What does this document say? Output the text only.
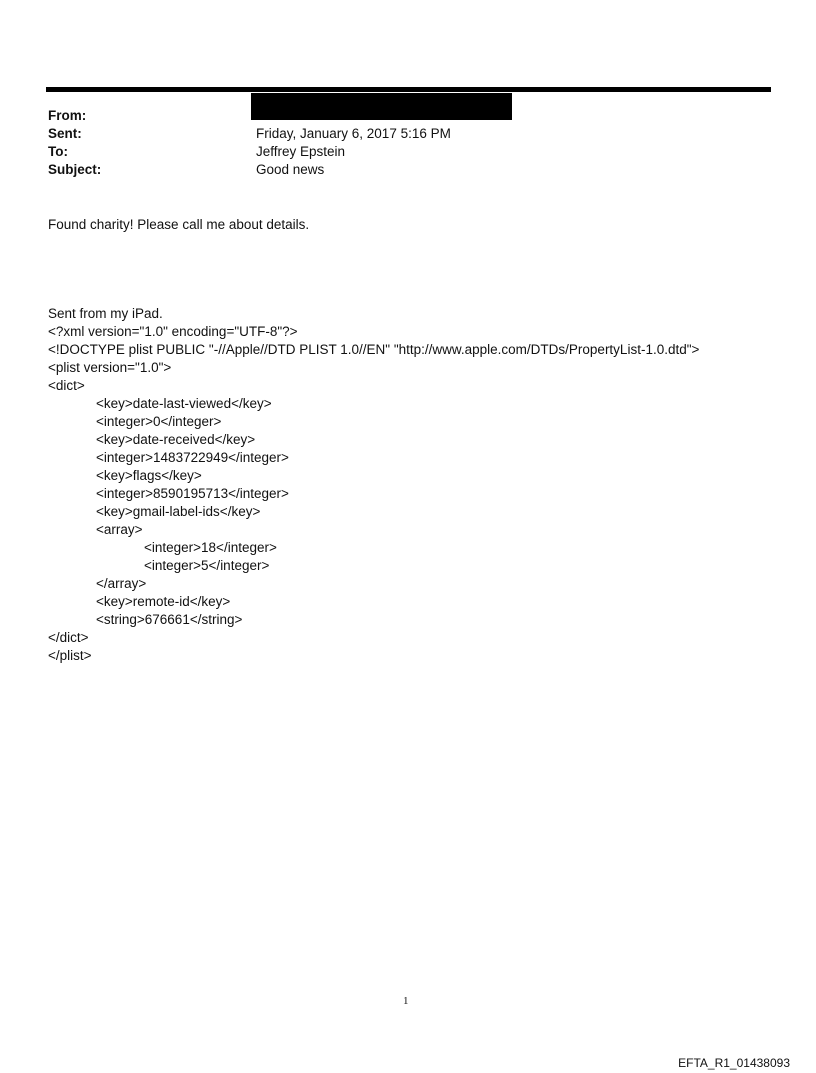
From:
Sent:	Friday, January 6, 2017 5:16 PM
To:	Jeffrey Epstein
Subject:	Good news
Found charity! Please call me about details.
Sent from my iPad.
<?xml version="1.0" encoding="UTF-8"?>
<!DOCTYPE plist PUBLIC "-//Apple//DTD PLIST 1.0//EN" "http://www.apple.com/DTDs/PropertyList-1.0.dtd">
<plist version="1.0">
<dict>
<key>date-last-viewed</key>
<integer>0</integer>
<key>date-received</key>
<integer>1483722949</integer>
<key>flags</key>
<integer>8590195713</integer>
<key>gmail-label-ids</key>
<array>
<integer>18</integer>
<integer>5</integer>
</array>
<key>remote-id</key>
<string>676661</string>
</dict>
</plist>
1
EFTA_R1_01438093
